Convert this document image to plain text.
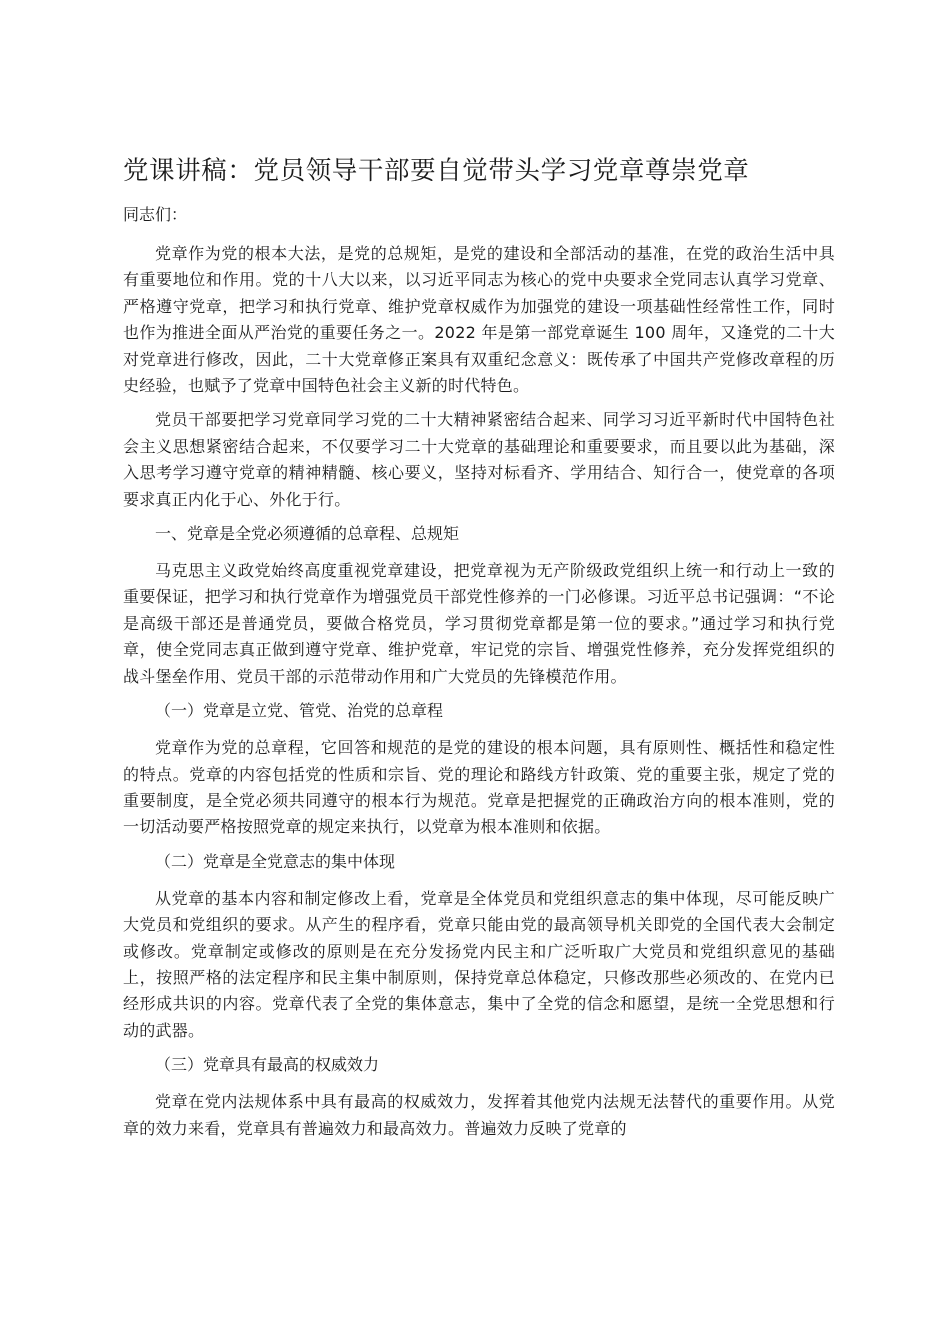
党课讲稿：党员领导干部要自觉带头学习党章尊崇党章

同志们：

党章作为党的根本大法，是党的总规矩，是党的建设和全部活动的基准，在党的政治生活中具有重要地位和作用。党的十八大以来，以习近平同志为核心的党中央要求全党同志认真学习党章、严格遵守党章，把学习和执行党章、维护党章权威作为加强党的建设一项基础性经常性工作，同时也作为推进全面从严治党的重要任务之一。2022 年是第一部党章诞生 100 周年，又逢党的二十大对党章进行修改，因此，二十大党章修正案具有双重纪念意义：既传承了中国共产党修改章程的历史经验，也赋予了党章中国特色社会主义新的时代特色。

党员干部要把学习党章同学习党的二十大精神紧密结合起来、同学习习近平新时代中国特色社会主义思想紧密结合起来，不仅要学习二十大党章的基础理论和重要要求，而且要以此为基础，深入思考学习遵守党章的精神精髓、核心要义，坚持对标看齐、学用结合、知行合一，使党章的各项要求真正内化于心、外化于行。

一、党章是全党必须遵循的总章程、总规矩

马克思主义政党始终高度重视党章建设，把党章视为无产阶级政党组织上统一和行动上一致的重要保证，把学习和执行党章作为增强党员干部党性修养的一门必修课。习近平总书记强调：“不论是高级干部还是普通党员，要做合格党员，学习贯彻党章都是第一位的要求。”通过学习和执行党章，使全党同志真正做到遵守党章、维护党章，牢记党的宗旨、增强党性修养，充分发挥党组织的战斗堡垒作用、党员干部的示范带动作用和广大党员的先锋模范作用。

（一）党章是立党、管党、治党的总章程

党章作为党的总章程，它回答和规范的是党的建设的根本问题，具有原则性、概括性和稳定性的特点。党章的内容包括党的性质和宗旨、党的理论和路线方针政策、党的重要主张，规定了党的重要制度，是全党必须共同遵守的根本行为规范。党章是把握党的正确政治方向的根本准则，党的一切活动要严格按照党章的规定来执行，以党章为根本准则和依据。

（二）党章是全党意志的集中体现

从党章的基本内容和制定修改上看，党章是全体党员和党组织意志的集中体现，尽可能反映广大党员和党组织的要求。从产生的程序看，党章只能由党的最高领导机关即党的全国代表大会制定或修改。党章制定或修改的原则是在充分发扬党内民主和广泛听取广大党员和党组织意见的基础上，按照严格的法定程序和民主集中制原则，保持党章总体稳定，只修改那些必须改的、在党内已经形成共识的内容。党章代表了全党的集体意志，集中了全党的信念和愿望，是统一全党思想和行动的武器。

（三）党章具有最高的权威效力

党章在党内法规体系中具有最高的权威效力，发挥着其他党内法规无法替代的重要作用。从党章的效力来看，党章具有普遍效力和最高效力。普遍效力反映了党章的
